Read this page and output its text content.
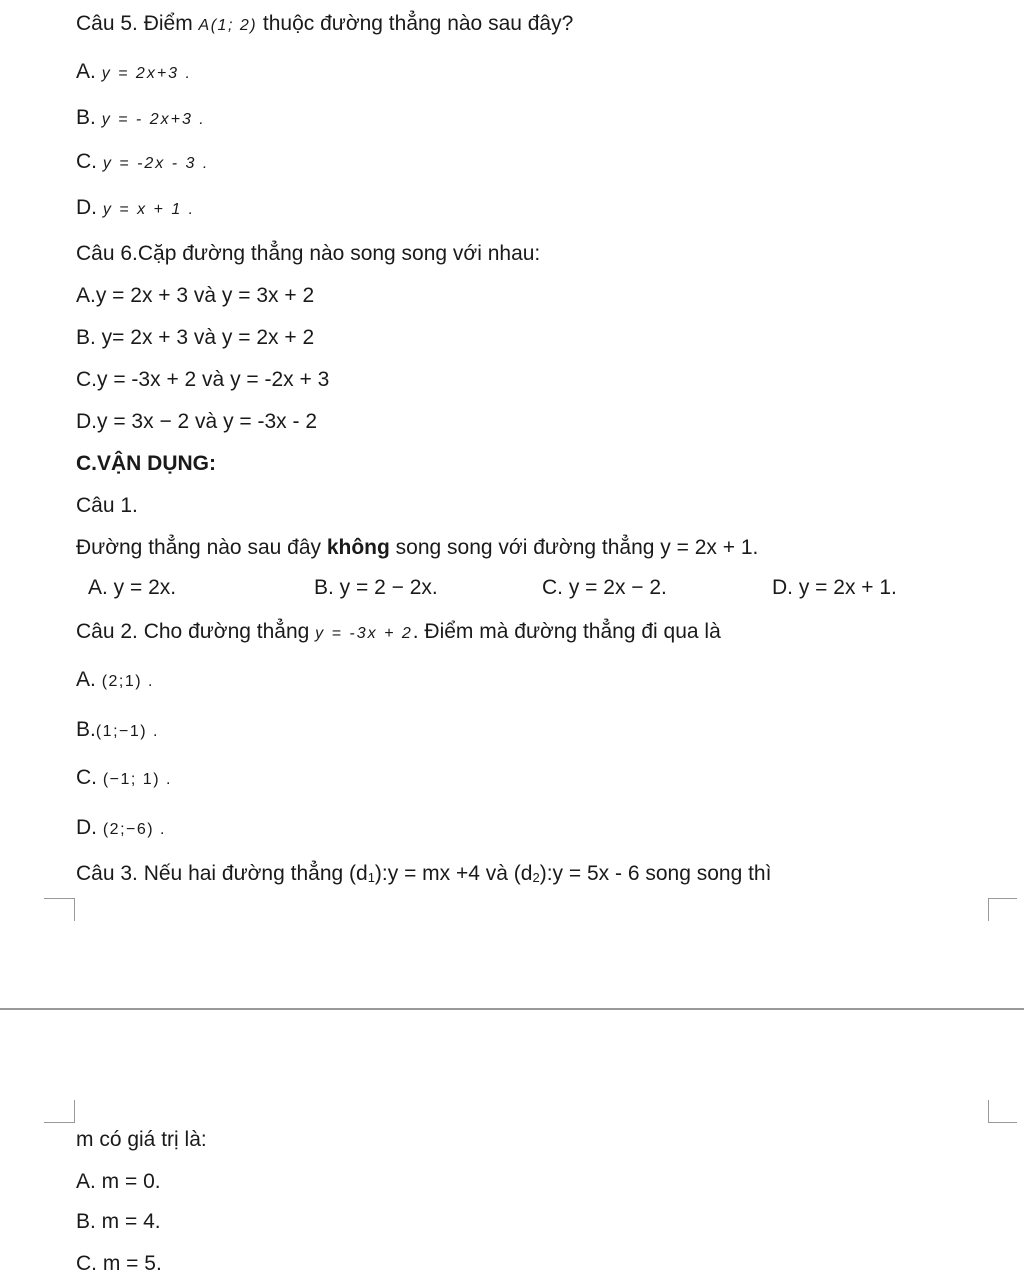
Câu 5. Điểm A(1; 2) thuộc đường thẳng nào sau đây?
A. y = 2x+3 .
B. y = - 2x+3 .
C. y = -2x - 3 .
D. y = x + 1 .
Câu 6.Cặp đường thẳng nào song song với nhau:
A.y = 2x + 3 và y = 3x + 2
B. y= 2x + 3 và y = 2x + 2
C.y = -3x + 2 và y = -2x + 3
D.y = 3x − 2 và y = -3x - 2
C.VẬN DỤNG:
Câu 1.
Đường thẳng nào sau đây không song song với đường thẳng y = 2x + 1.
A. y = 2x.	B. y = 2 − 2x.	C. y = 2x − 2.	D. y = 2x + 1.
Câu 2. Cho đường thẳng y = -3x + 2. Điểm mà đường thẳng đi qua là
A. (2;1) .
B.(1;−1) .
C. (−1; 1) .
D. (2;−6) .
Câu 3. Nếu hai đường thẳng (d1):y = mx +4 và (d2):y = 5x - 6 song song thì
m có giá trị là:
A. m = 0.
B. m = 4.
C. m = 5.
